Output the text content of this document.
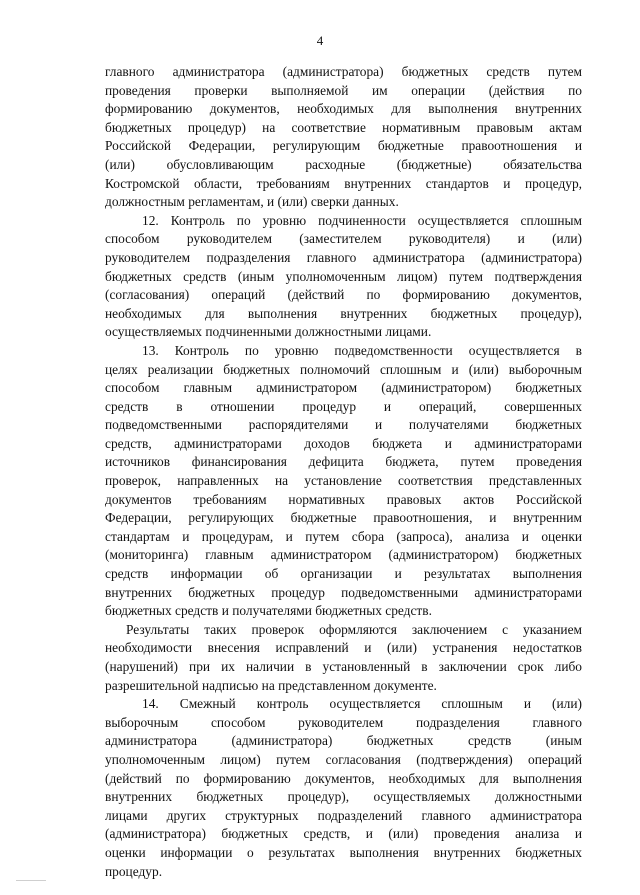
4
главного администратора (администратора) бюджетных средств путем
проведения проверки выполняемой им операции (действия по
формированию документов, необходимых для выполнения внутренних
бюджетных процедур) на соответствие нормативным правовым актам
Российской Федерации, регулирующим бюджетные правоотношения и
(или) обусловливающим расходные (бюджетные) обязательства
Костромской области, требованиям внутренних стандартов и процедур,
должностным регламентам, и (или) сверки данных.
12. Контроль по уровню подчиненности осуществляется сплошным
способом руководителем (заместителем руководителя) и (или)
руководителем подразделения главного администратора (администратора)
бюджетных средств (иным уполномоченным лицом) путем подтверждения
(согласования) операций (действий по формированию документов,
необходимых для выполнения внутренних бюджетных процедур),
осуществляемых подчиненными должностными лицами.
13. Контроль по уровню подведомственности осуществляется в
целях реализации бюджетных полномочий сплошным и (или) выборочным
способом главным администратором (администратором) бюджетных
средств в отношении процедур и операций, совершенных
подведомственными распорядителями и получателями бюджетных
средств, администраторами доходов бюджета и администраторами
источников финансирования дефицита бюджета, путем проведения
проверок, направленных на установление соответствия представленных
документов требованиям нормативных правовых актов Российской
Федерации, регулирующих бюджетные правоотношения, и внутренним
стандартам и процедурам, и путем сбора (запроса), анализа и оценки
(мониторинга) главным администратором (администратором) бюджетных
средств информации об организации и результатах выполнения
внутренних бюджетных процедур подведомственными администраторами
бюджетных средств и получателями бюджетных средств.
Результаты таких проверок оформляются заключением с указанием
необходимости внесения исправлений и (или) устранения недостатков
(нарушений) при их наличии в установленный в заключении срок либо
разрешительной надписью на представленном документе.
14. Смежный контроль осуществляется сплошным и (или)
выборочным способом руководителем подразделения главного
администратора (администратора) бюджетных средств (иным
уполномоченным лицом) путем согласования (подтверждения) операций
(действий по формированию документов, необходимых для выполнения
внутренних бюджетных процедур), осуществляемых должностными
лицами других структурных подразделений главного администратора
(администратора) бюджетных средств, и (или) проведения анализа и
оценки информации о результатах выполнения внутренних бюджетных
процедур.
